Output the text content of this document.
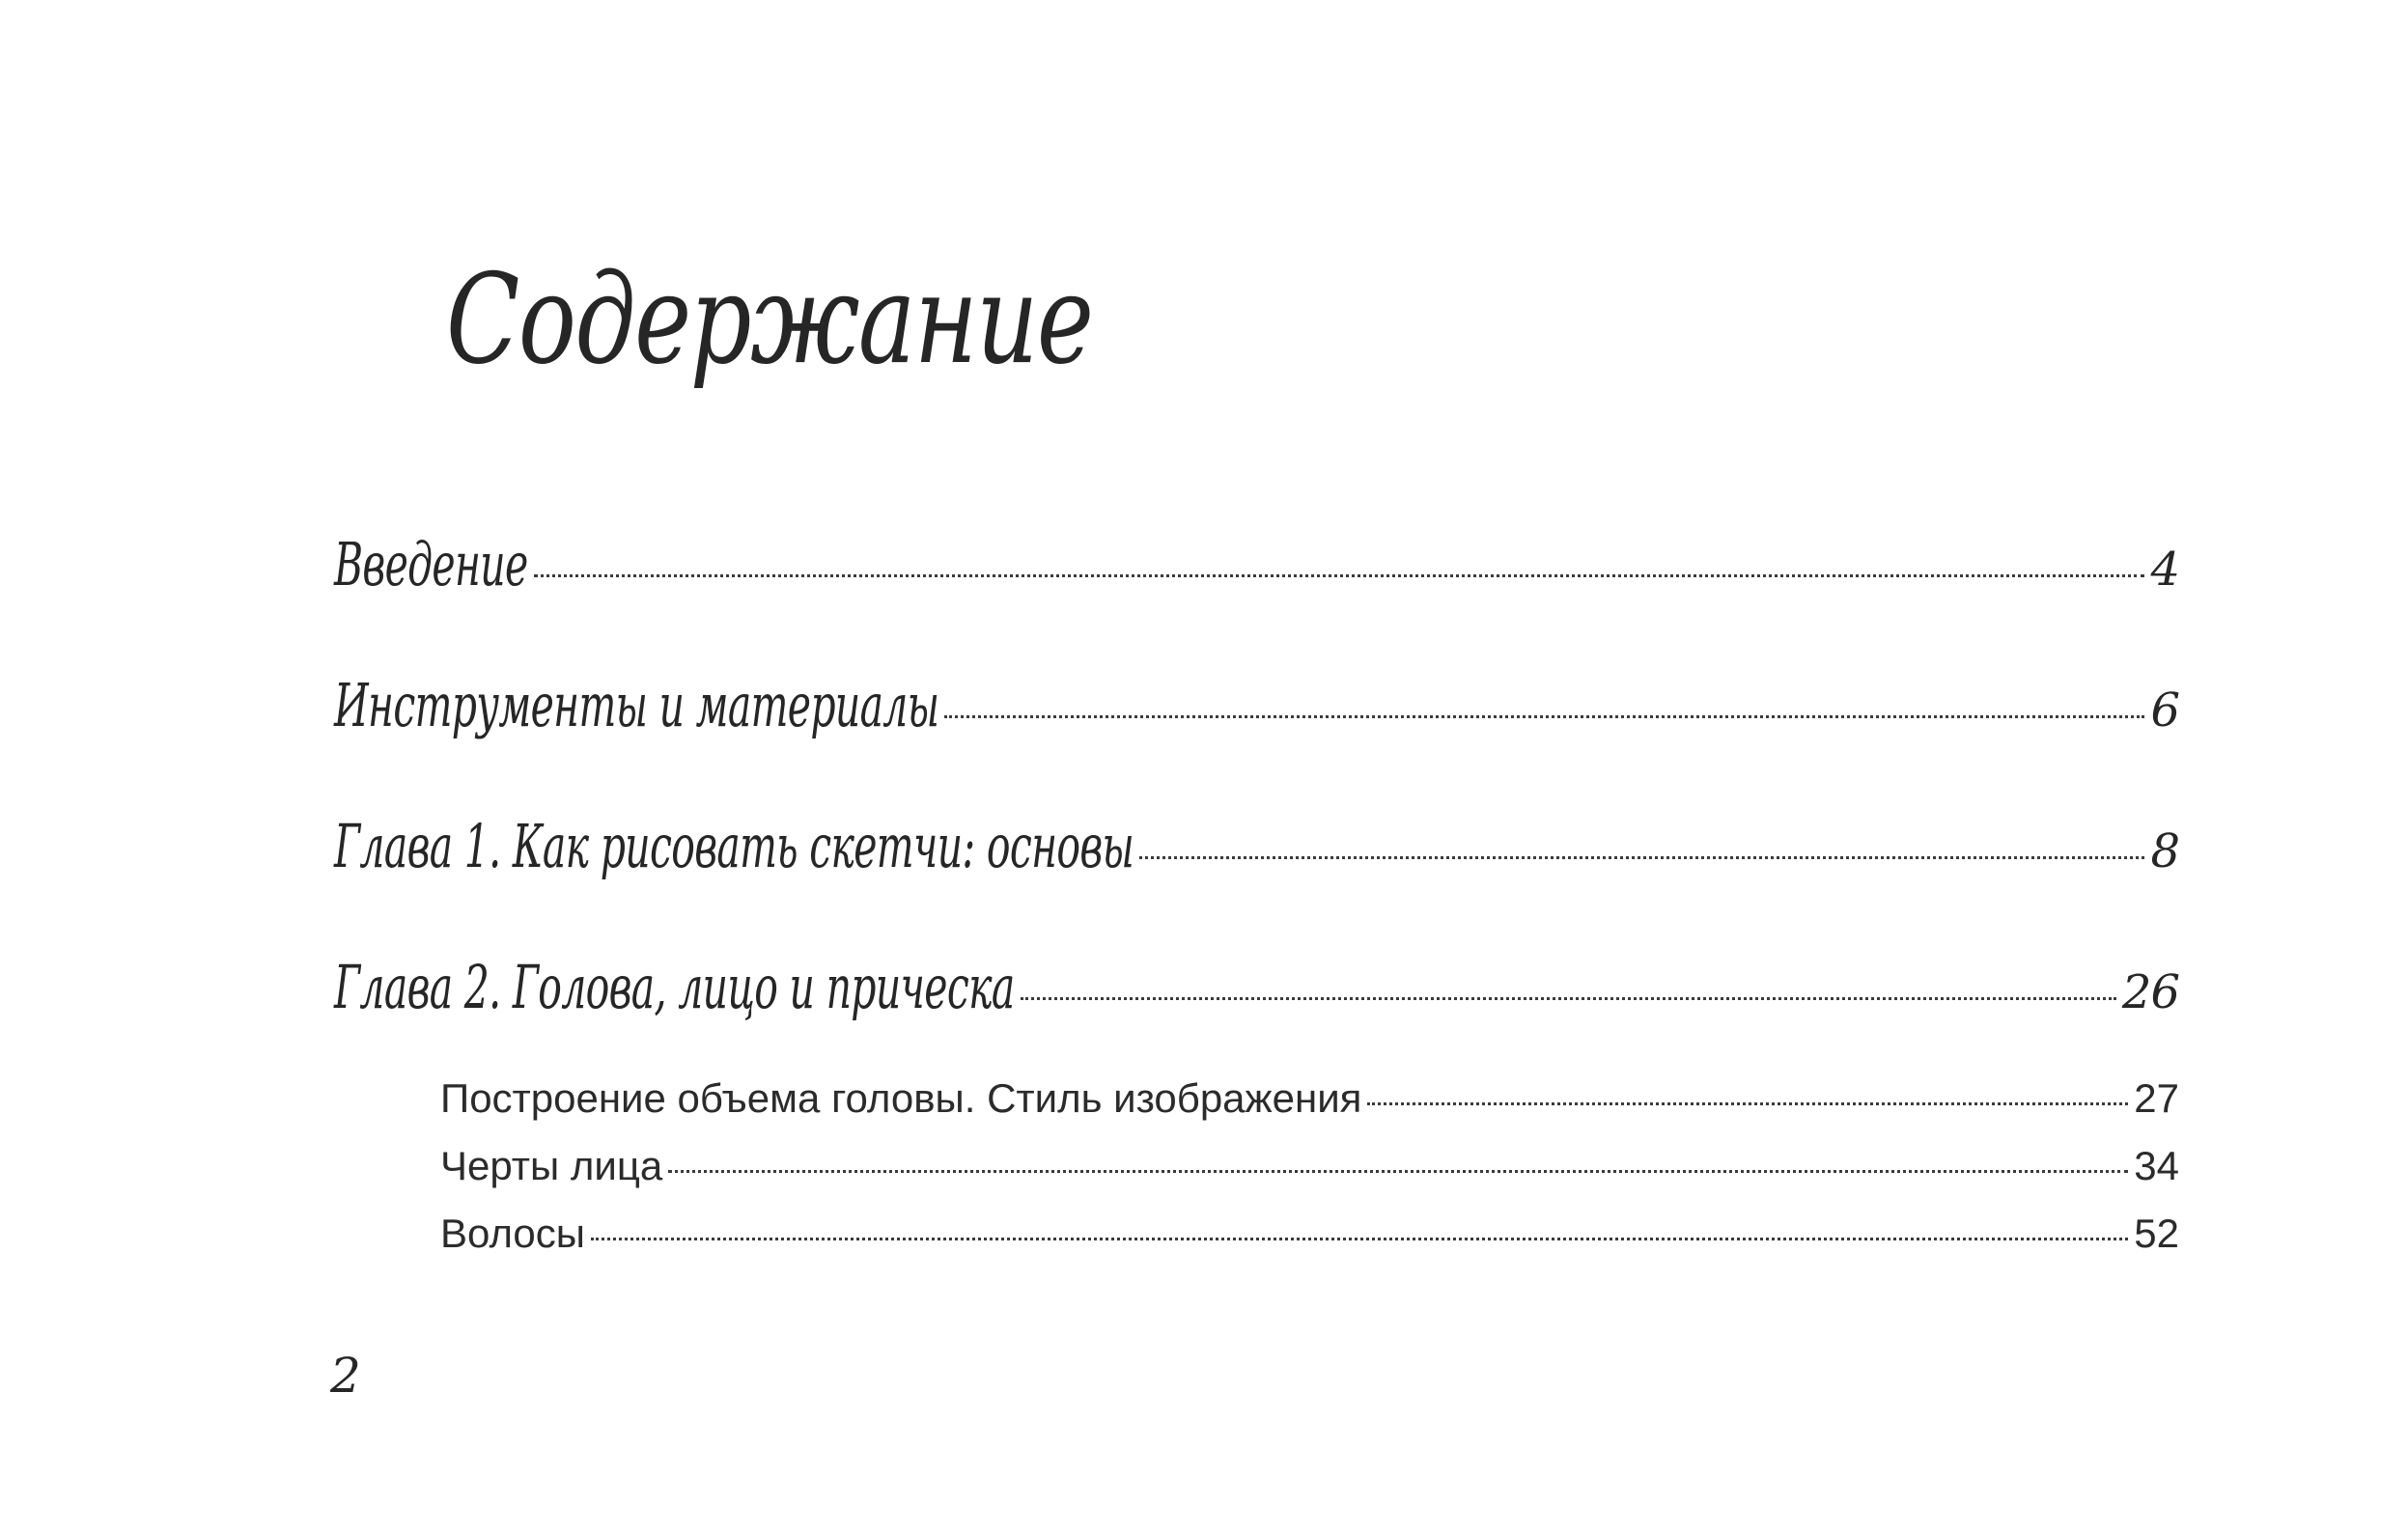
Содержание
Введение	4
Инструменты и материалы	6
Глава 1. Как рисовать скетчи: основы	8
Глава 2. Голова, лицо и прическа	26
Построение объема головы. Стиль изображения	27
Черты лица	34
Волосы	52
2
